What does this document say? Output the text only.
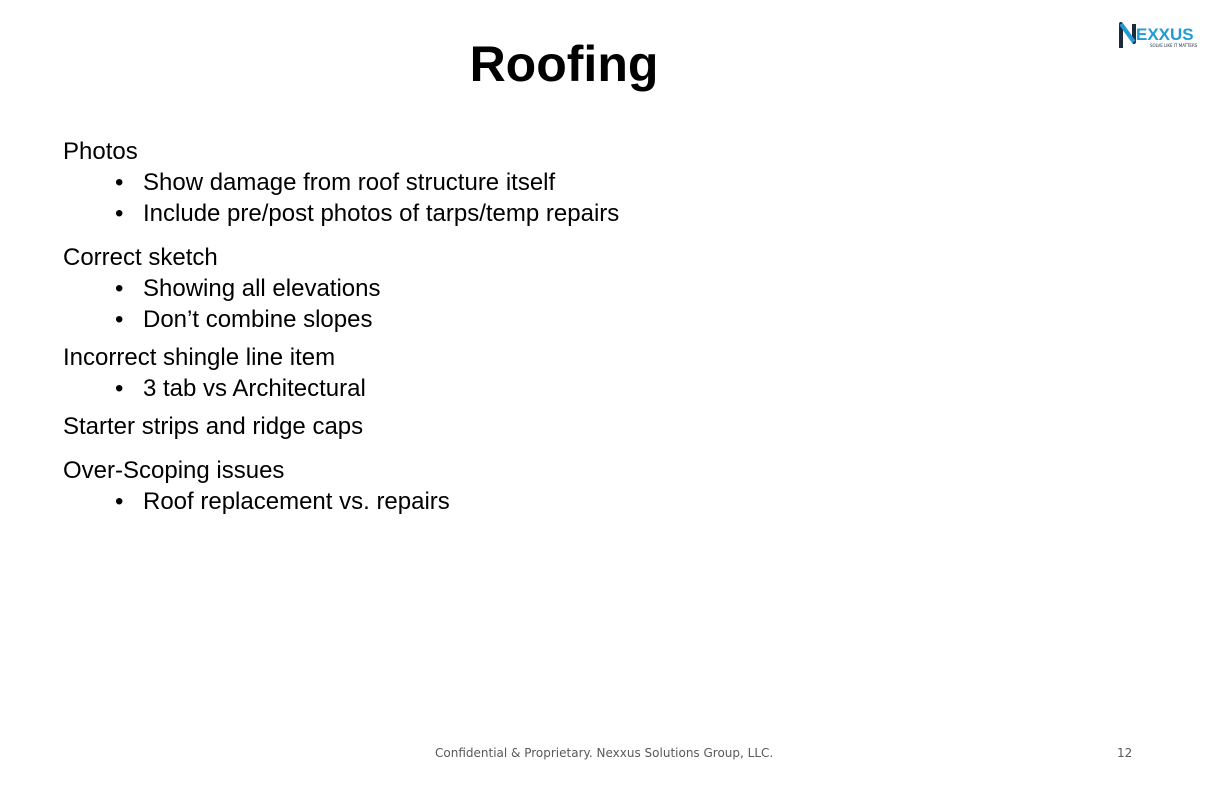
Roofing
EXXUS
SOLVE LIKE IT MATTERS
Photos
• Show damage from roof structure itself
• Include pre/post photos of tarps/temp repairs
Correct sketch
• Showing all elevations
• Don’t combine slopes
Incorrect shingle line item
• 3 tab vs Architectural
Starter strips and ridge caps
Over-Scoping issues
• Roof replacement vs. repairs
Confidential & Proprietary. Nexxus Solutions Group, LLC.	12
